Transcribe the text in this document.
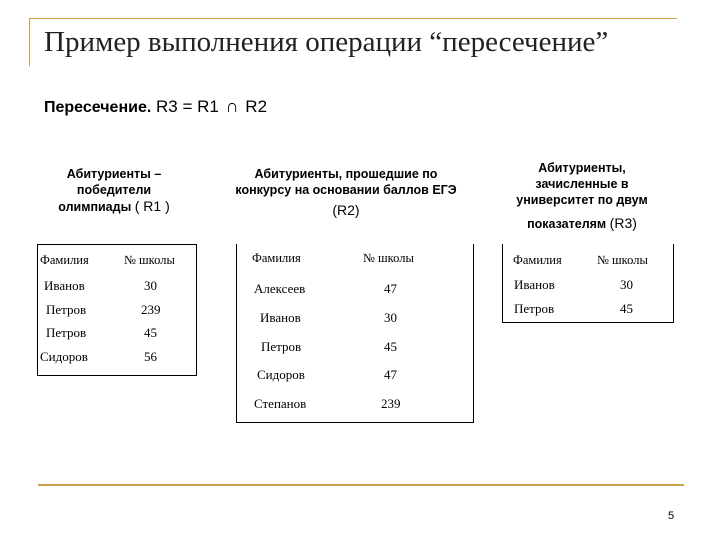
Пример выполнения операции “пересечение”
Пересечение. R3 = R1 ∩ R2
Абитуриенты –
победители
олимпиады ( R1 )
Фамилия	№ школы
Иванов	30
Петров	239
Петров	45
Сидоров	56
Абитуриенты, прошедшие по
конкурсу на основании баллов ЕГЭ
(R2)
Фамилия	№ школы
Алексеев	47
Иванов	30
Петров	45
Сидоров	47
Степанов	239
Абитуриенты,
зачисленные в
университет по двум
показателям (R3)
Фамилия	№ школы
Иванов	30
Петров	45
5
